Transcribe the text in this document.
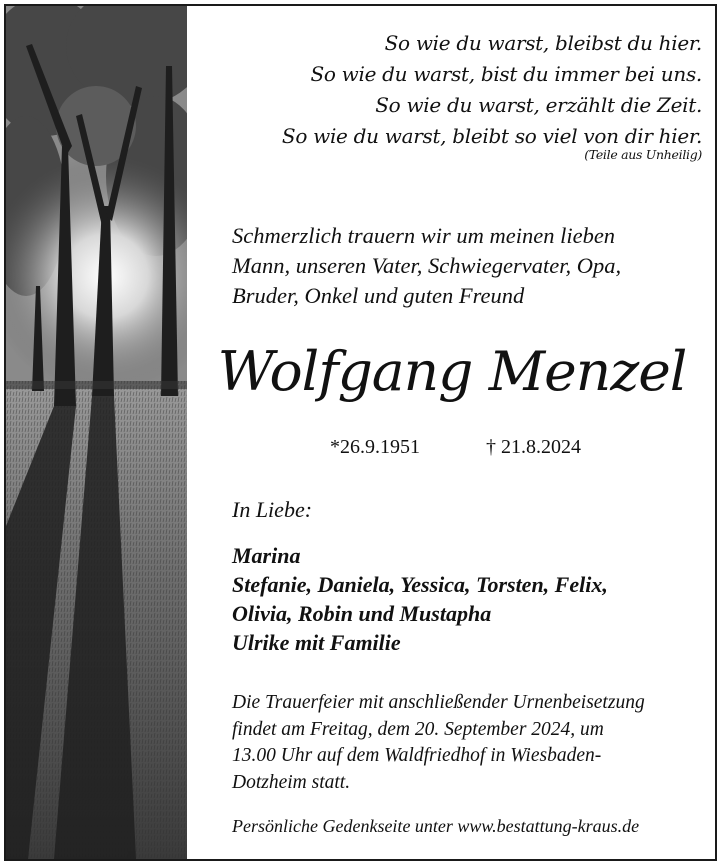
So wie du warst, bleibst du hier.
So wie du warst, bist du immer bei uns.
So wie du warst, erzählt die Zeit.
So wie du warst, bleibt so viel von dir hier.
(Teile aus Unheilig)
Schmerzlich trauern wir um meinen lieben
Mann, unseren Vater, Schwiegervater, Opa,
Bruder, Onkel und guten Freund
Wolfgang Menzel
*26.9.1951	† 21.8.2024
In Liebe:
Marina
Stefanie, Daniela, Yessica, Torsten, Felix,
Olivia, Robin und Mustapha
Ulrike mit Familie
Die Trauerfeier mit anschließender Urnenbeisetzung
findet am Freitag, dem 20. September 2024, um
13.00 Uhr auf dem Waldfriedhof in Wiesbaden-
Dotzheim statt.
Persönliche Gedenkseite unter www.bestattung-kraus.de
